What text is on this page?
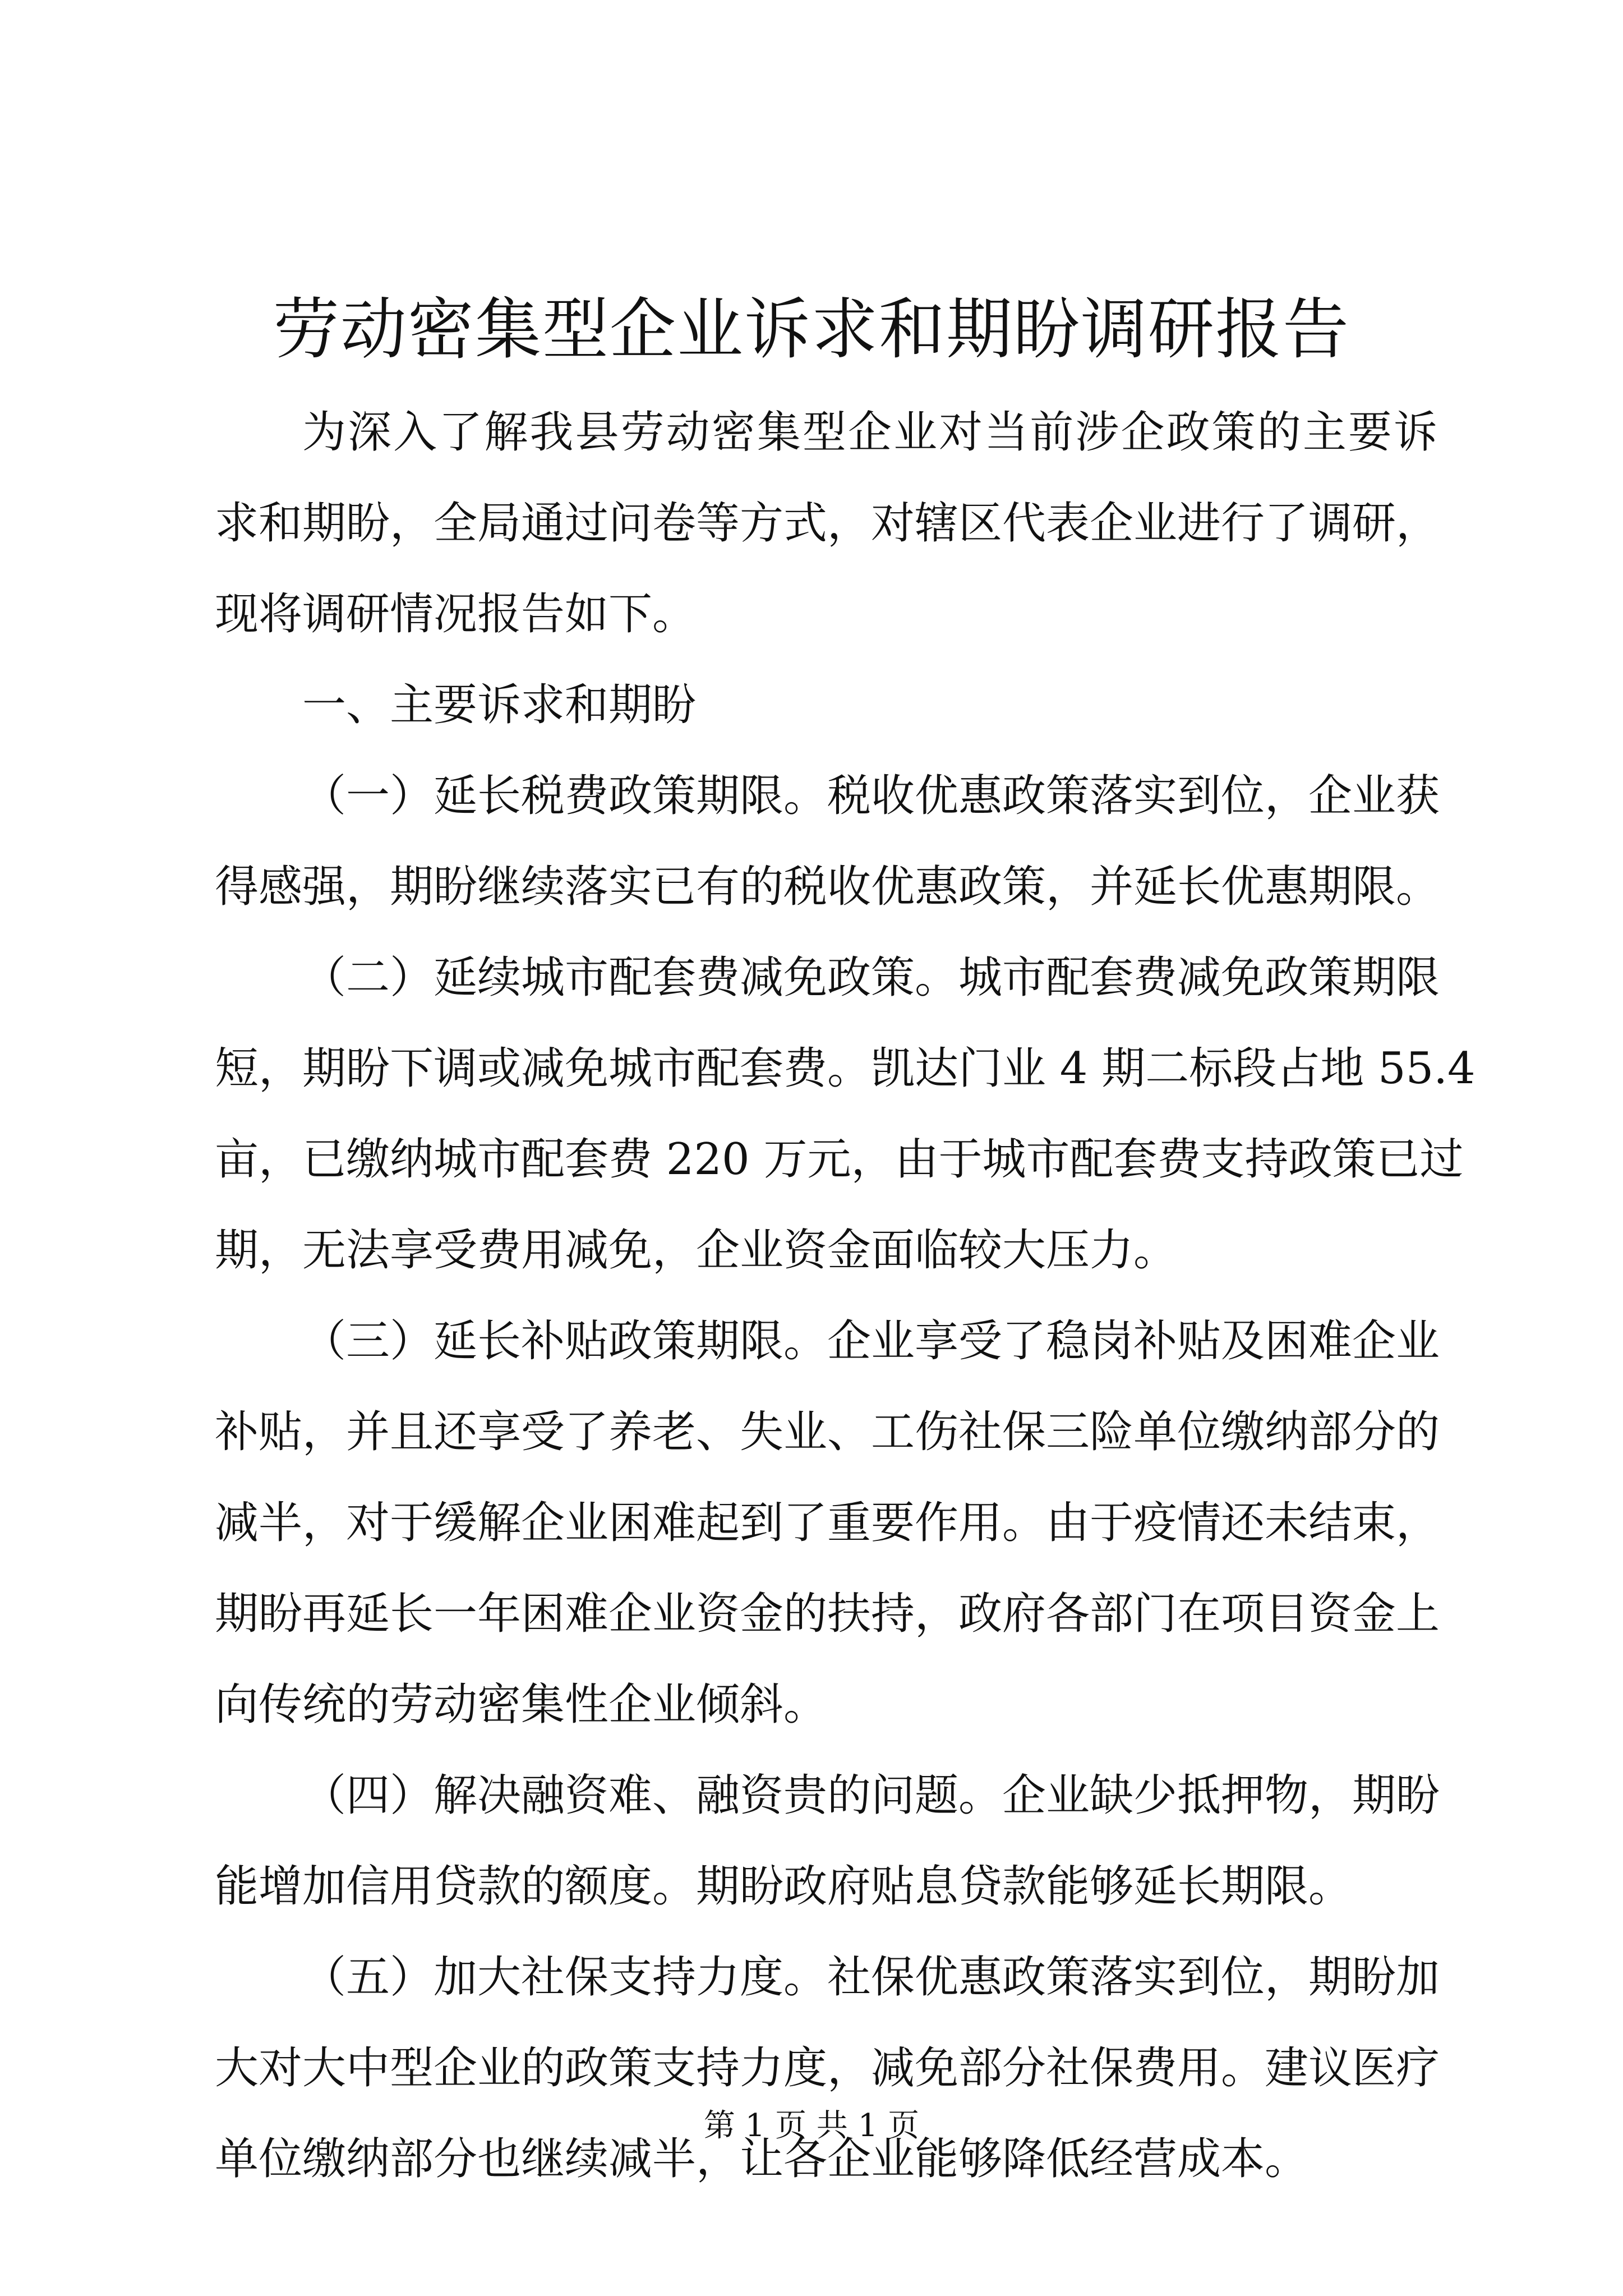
劳动密集型企业诉求和期盼调研报告
为深入了解我县劳动密集型企业对当前涉企政策的主要诉
求和期盼，全局通过问卷等方式，对辖区代表企业进行了调研，
现将调研情况报告如下。
一、主要诉求和期盼
（一）延长税费政策期限。税收优惠政策落实到位，企业获
得感强，期盼继续落实已有的税收优惠政策，并延长优惠期限。
（二）延续城市配套费减免政策。城市配套费减免政策期限
短，期盼下调或减免城市配套费。凯达门业 4 期二标段占地 55.4
亩，已缴纳城市配套费 220 万元，由于城市配套费支持政策已过
期，无法享受费用减免，企业资金面临较大压力。
（三）延长补贴政策期限。企业享受了稳岗补贴及困难企业
补贴，并且还享受了养老、失业、工伤社保三险单位缴纳部分的
减半，对于缓解企业困难起到了重要作用。由于疫情还未结束，
期盼再延长一年困难企业资金的扶持，政府各部门在项目资金上
向传统的劳动密集性企业倾斜。
（四）解决融资难、融资贵的问题。企业缺少抵押物，期盼
能增加信用贷款的额度。期盼政府贴息贷款能够延长期限。
（五）加大社保支持力度。社保优惠政策落实到位，期盼加
大对大中型企业的政策支持力度，减免部分社保费用。建议医疗
单位缴纳部分也继续减半，让各企业能够降低经营成本。
第 1 页 共 1 页
